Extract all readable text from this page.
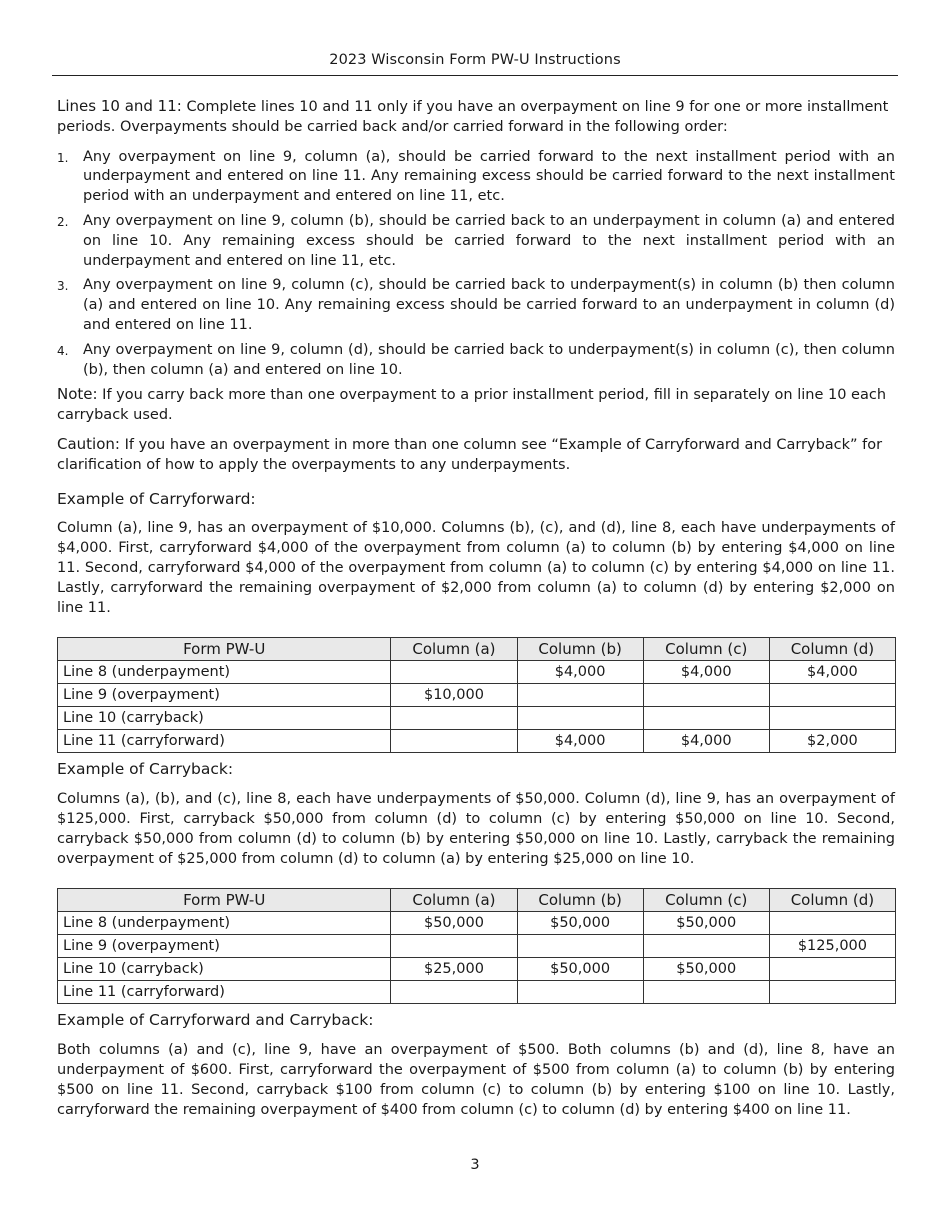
2023 Wisconsin Form PW-U Instructions

Lines 10 and 11: Complete lines 10 and 11 only if you have an overpayment on line 9 for one or more installment periods. Overpayments should be carried back and/or carried forward in the following order:

1. Any overpayment on line 9, column (a), should be carried forward to the next installment period with an underpayment and entered on line 11. Any remaining excess should be carried forward to the next installment period with an underpayment and entered on line 11, etc.
2. Any overpayment on line 9, column (b), should be carried back to an underpayment in column (a) and entered on line 10. Any remaining excess should be carried forward to the next installment period with an underpayment and entered on line 11, etc.
3. Any overpayment on line 9, column (c), should be carried back to underpayment(s) in column (b) then column (a) and entered on line 10. Any remaining excess should be carried forward to an underpayment in column (d) and entered on line 11.
4. Any overpayment on line 9, column (d), should be carried back to underpayment(s) in column (c), then column (b), then column (a) and entered on line 10.

Note: If you carry back more than one overpayment to a prior installment period, fill in separately on line 10 each carryback used.

Caution: If you have an overpayment in more than one column see “Example of Carryforward and Carryback” for clarification of how to apply the overpayments to any underpayments.

Example of Carryforward:

Column (a), line 9, has an overpayment of $10,000. Columns (b), (c), and (d), line 8, each have underpayments of $4,000. First, carryforward $4,000 of the overpayment from column (a) to column (b) by entering $4,000 on line 11. Second, carryforward $4,000 of the overpayment from column (a) to column (c) by entering $4,000 on line 11. Lastly, carryforward the remaining overpayment of $2,000 from column (a) to column (d) by entering $2,000 on line 11.

Form PW-U	Column (a)	Column (b)	Column (c)	Column (d)
Line 8 (underpayment)		$4,000	$4,000	$4,000
Line 9 (overpayment)	$10,000			
Line 10 (carryback)				
Line 11 (carryforward)		$4,000	$4,000	$2,000
Example of Carryback:

Columns (a), (b), and (c), line 8, each have underpayments of $50,000. Column (d), line 9, has an overpayment of $125,000. First, carryback $50,000 from column (d) to column (c) by entering $50,000 on line 10. Second, carryback $50,000 from column (d) to column (b) by entering $50,000 on line 10. Lastly, carryback the remaining overpayment of $25,000 from column (d) to column (a) by entering $25,000 on line 10.

Form PW-U	Column (a)	Column (b)	Column (c)	Column (d)
Line 8 (underpayment)	$50,000	$50,000	$50,000	
Line 9 (overpayment)				$125,000
Line 10 (carryback)	$25,000	$50,000	$50,000	
Line 11 (carryforward)				
Example of Carryforward and Carryback:

Both columns (a) and (c), line 9, have an overpayment of $500. Both columns (b) and (d), line 8, have an underpayment of $600. First, carryforward the overpayment of $500 from column (a) to column (b) by entering $500 on line 11. Second, carryback $100 from column (c) to column (b) by entering $100 on line 10. Lastly, carryforward the remaining overpayment of $400 from column (c) to column (d) by entering $400 on line 11.

3
